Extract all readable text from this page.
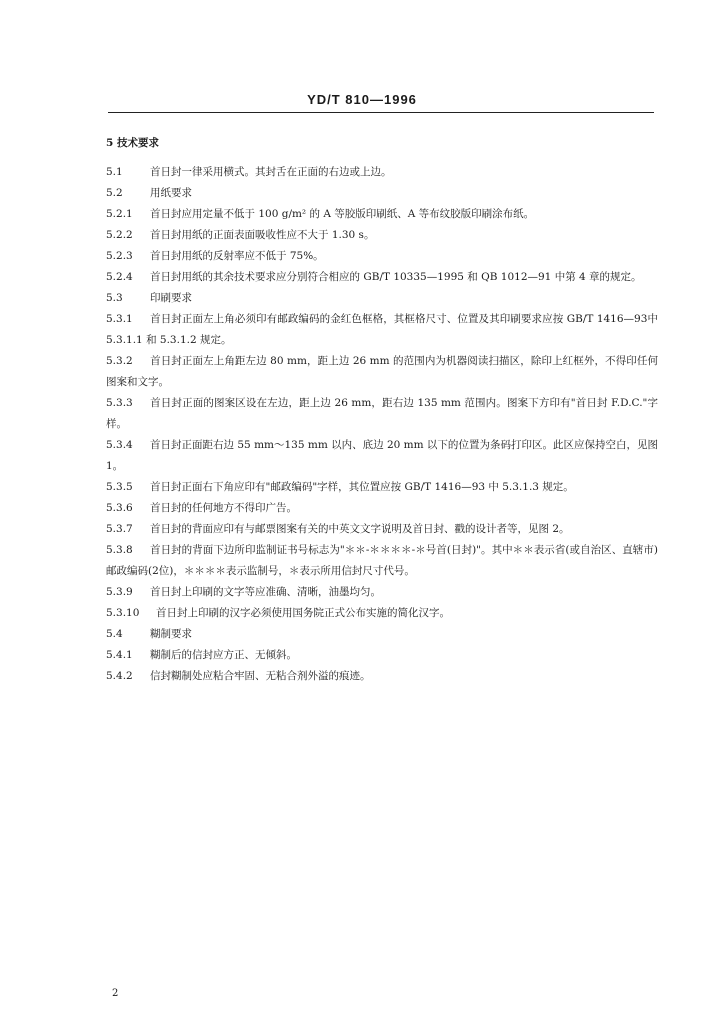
YD/T 810—1996
5 技术要求
5.1	首日封一律采用横式。其封舌在正面的右边或上边。
5.2	用纸要求
5.2.1 首日封应用定量不低于 100 g/m² 的 A 等胶版印刷纸、A 等布纹胶版印刷涂布纸。
5.2.2 首日封用纸的正面表面吸收性应不大于 1.30 s。
5.2.3 首日封用纸的反射率应不低于 75%。
5.2.4 首日封用纸的其余技术要求应分别符合相应的 GB/T 10335—1995 和 QB 1012—91 中第 4 章的规定。
5.3	印刷要求
5.3.1 首日封正面左上角必须印有邮政编码的金红色框格，其框格尺寸、位置及其印刷要求应按 GB/T 1416—93中 5.3.1.1 和 5.3.1.2 规定。
5.3.2 首日封正面左上角距左边 80 mm，距上边 26 mm 的范围内为机器阅读扫描区，除印上红框外，不得印任何图案和文字。
5.3.3 首日封正面的图案区设在左边，距上边 26 mm，距右边 135 mm 范围内。图案下方印有"首日封 F.D.C."字样。
5.3.4 首日封正面距右边 55 mm～135 mm 以内、底边 20 mm 以下的位置为条码打印区。此区应保持空白，见图 1。
5.3.5 首日封正面右下角应印有"邮政编码"字样，其位置应按 GB/T 1416—93 中 5.3.1.3 规定。
5.3.6 首日封的任何地方不得印广告。
5.3.7 首日封的背面应印有与邮票图案有关的中英文文字说明及首日封、戳的设计者等，见图 2。
5.3.8 首日封的背面下边所印监制证书号标志为"＊＊-＊＊＊＊-＊号首(日封)"。其中＊＊表示省(或自治区、直辖市)邮政编码(2位)，＊＊＊＊表示监制号，＊表示所用信封尺寸代号。
5.3.9 首日封上印刷的文字等应准确、清晰，油墨均匀。
5.3.10 首日封上印刷的汉字必须使用国务院正式公布实施的简化汉字。
5.4	糊制要求
5.4.1 糊制后的信封应方正、无倾斜。
5.4.2 信封糊制处应粘合牢固、无粘合剂外溢的痕迹。
2
